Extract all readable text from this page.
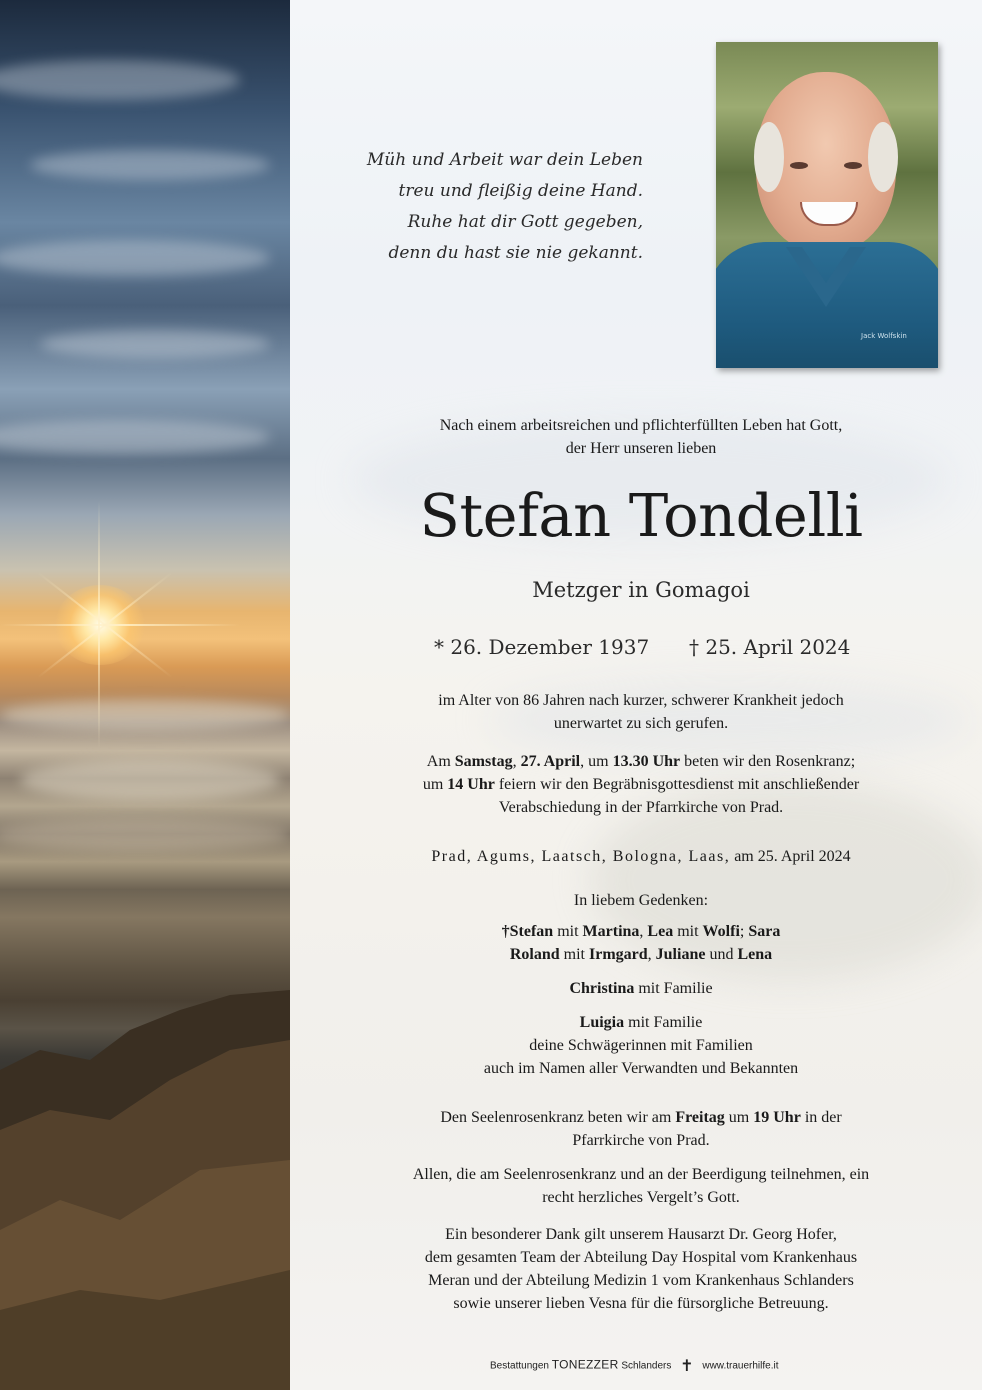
Jack Wolfskin
Müh und Arbeit war dein Leben
treu und fleißig deine Hand.
Ruhe hat dir Gott gegeben,
denn du hast sie nie gekannt.
Nach einem arbeitsreichen und pflichterfüllten Leben hat Gott,
der Herr unseren lieben
Stefan Tondelli
Metzger in Gomagoi
* 26. Dezember 1937 † 25. April 2024
im Alter von 86 Jahren nach kurzer, schwerer Krankheit jedoch
unerwartet zu sich gerufen.
Am Samstag, 27. April, um 13.30 Uhr beten wir den Rosenkranz;
um 14 Uhr feiern wir den Begräbnisgottesdienst mit anschließender
Verabschiedung in der Pfarrkirche von Prad.
Prad, Agums, Laatsch, Bologna, Laas, am 25. April 2024
In liebem Gedenken:
†Stefan mit Martina, Lea mit Wolfi; Sara
Roland mit Irmgard, Juliane und Lena
Christina mit Familie
Luigia mit Familie
deine Schwägerinnen mit Familien
auch im Namen aller Verwandten und Bekannten
Den Seelenrosenkranz beten wir am Freitag um 19 Uhr in der
Pfarrkirche von Prad.
Allen, die am Seelenrosenkranz und an der Beerdigung teilnehmen, ein
recht herzliches Vergelt’s Gott.
Ein besonderer Dank gilt unserem Hausarzt Dr. Georg Hofer,
dem gesamten Team der Abteilung Day Hospital vom Krankenhaus
Meran und der Abteilung Medizin 1 vom Krankenhaus Schlanders
sowie unserer lieben Vesna für die fürsorgliche Betreuung.
Bestattungen TONEZZER Schlanders ✝ www.trauerhilfe.it
